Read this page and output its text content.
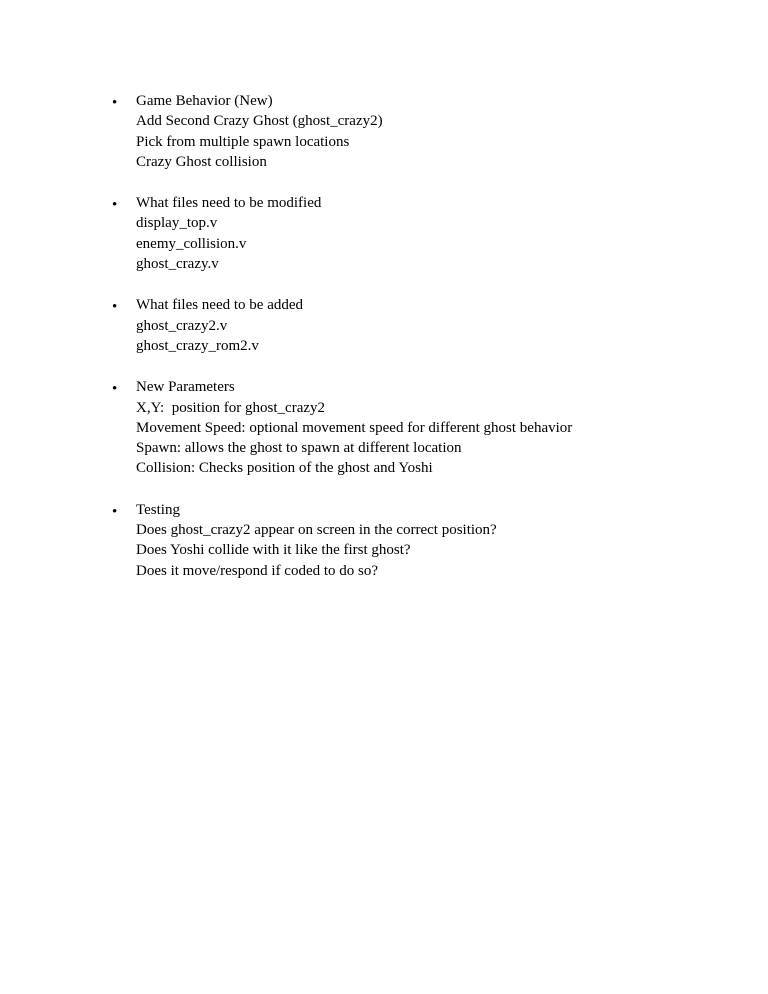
• Game Behavior (New)
Add Second Crazy Ghost (ghost_crazy2)
Pick from multiple spawn locations
Crazy Ghost collision
• What files need to be modified
display_top.v
enemy_collision.v
ghost_crazy.v
• What files need to be added
ghost_crazy2.v
ghost_crazy_rom2.v
• New Parameters
X,Y:  position for ghost_crazy2
Movement Speed: optional movement speed for different ghost behavior
Spawn: allows the ghost to spawn at different location
Collision: Checks position of the ghost and Yoshi
• Testing
Does ghost_crazy2 appear on screen in the correct position?
Does Yoshi collide with it like the first ghost?
Does it move/respond if coded to do so?
